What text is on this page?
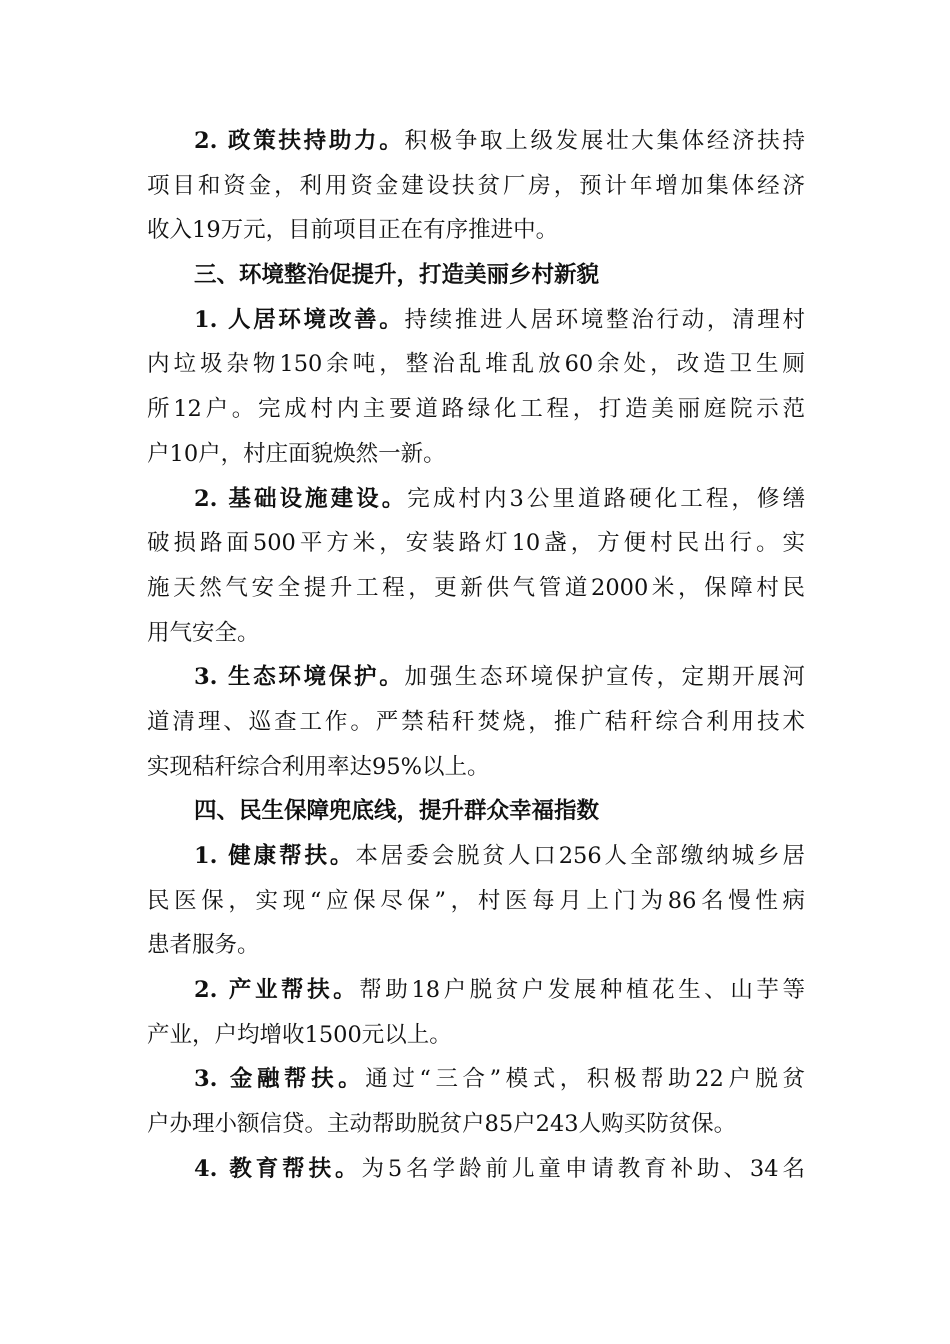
2. 政策扶持助力。积极争取上级发展壮大集体经济扶持
项目和资金，利用资金建设扶贫厂房，预计年增加集体经济
收入19万元，目前项目正在有序推进中。
三、环境整治促提升，打造美丽乡村新貌
1. 人居环境改善。持续推进人居环境整治行动，清理村
内垃圾杂物150余吨，整治乱堆乱放60余处，改造卫生厕
所12户。完成村内主要道路绿化工程，打造美丽庭院示范
户10户，村庄面貌焕然一新。
2. 基础设施建设。完成村内3公里道路硬化工程，修缮
破损路面500平方米，安装路灯10盏，方便村民出行。实
施天然气安全提升工程，更新供气管道2000米，保障村民
用气安全。
3. 生态环境保护。加强生态环境保护宣传，定期开展河
道清理、巡查工作。严禁秸秆焚烧，推广秸秆综合利用技术
实现秸秆综合利用率达95%以上。
四、民生保障兜底线，提升群众幸福指数
1. 健康帮扶。本居委会脱贫人口256人全部缴纳城乡居
民医保，实现“应保尽保”，村医每月上门为86名慢性病
患者服务。
2. 产业帮扶。帮助18户脱贫户发展种植花生、山芋等
产业，户均增收1500元以上。
3. 金融帮扶。通过“三合”模式，积极帮助22户脱贫
户办理小额信贷。主动帮助脱贫户85户243人购买防贫保。
4. 教育帮扶。为5名学龄前儿童申请教育补助、34名
